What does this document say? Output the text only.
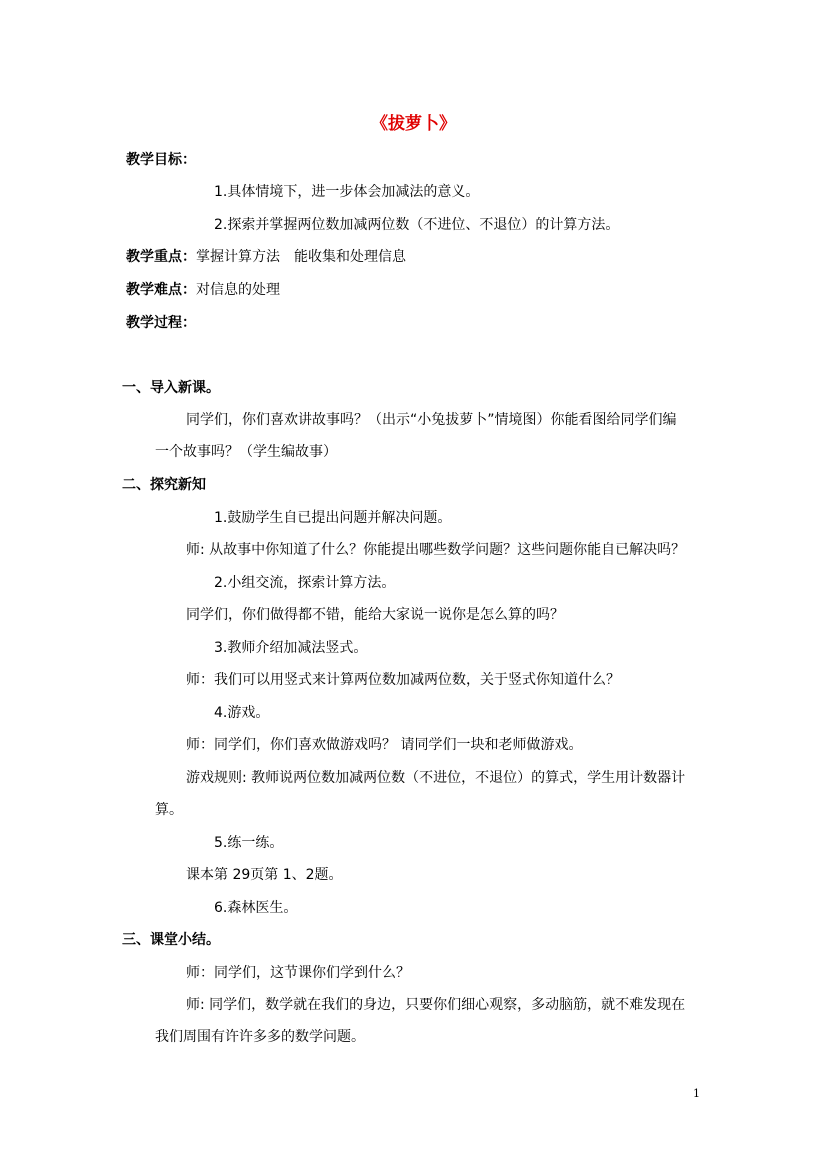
《拔萝卜》
教学目标：
1.具体情境下，进一步体会加减法的意义。
2.探索并掌握两位数加减两位数（不进位、不退位）的计算方法。
教学重点：掌握计算方法　能收集和处理信息
教学难点：对信息的处理
教学过程：
一、导入新课。
同学们，你们喜欢讲故事吗？（出示“小兔拔萝卜”情境图）你能看图给同学们编
一个故事吗？（学生编故事）
二、探究新知
1.鼓励学生自已提出问题并解决问题。
师: 从故事中你知道了什么？你能提出哪些数学问题？这些问题你能自已解决吗？
2.小组交流，探索计算方法。
同学们，你们做得都不错，能给大家说一说你是怎么算的吗？
3.教师介绍加减法竖式。
师：我们可以用竖式来计算两位数加减两位数，关于竖式你知道什么？
4.游戏。
师：同学们，你们喜欢做游戏吗？ 请同学们一块和老师做游戏。
游戏规则: 教师说两位数加减两位数（不进位，不退位）的算式，学生用计数器计
算。
5.练一练。
课本第 29页第 1、2题。
6.森林医生。
三、课堂小结。
师：同学们，这节课你们学到什么？
师: 同学们，数学就在我们的身边，只要你们细心观察，多动脑筋，就不难发现在
我们周围有许许多多的数学问题。
1
